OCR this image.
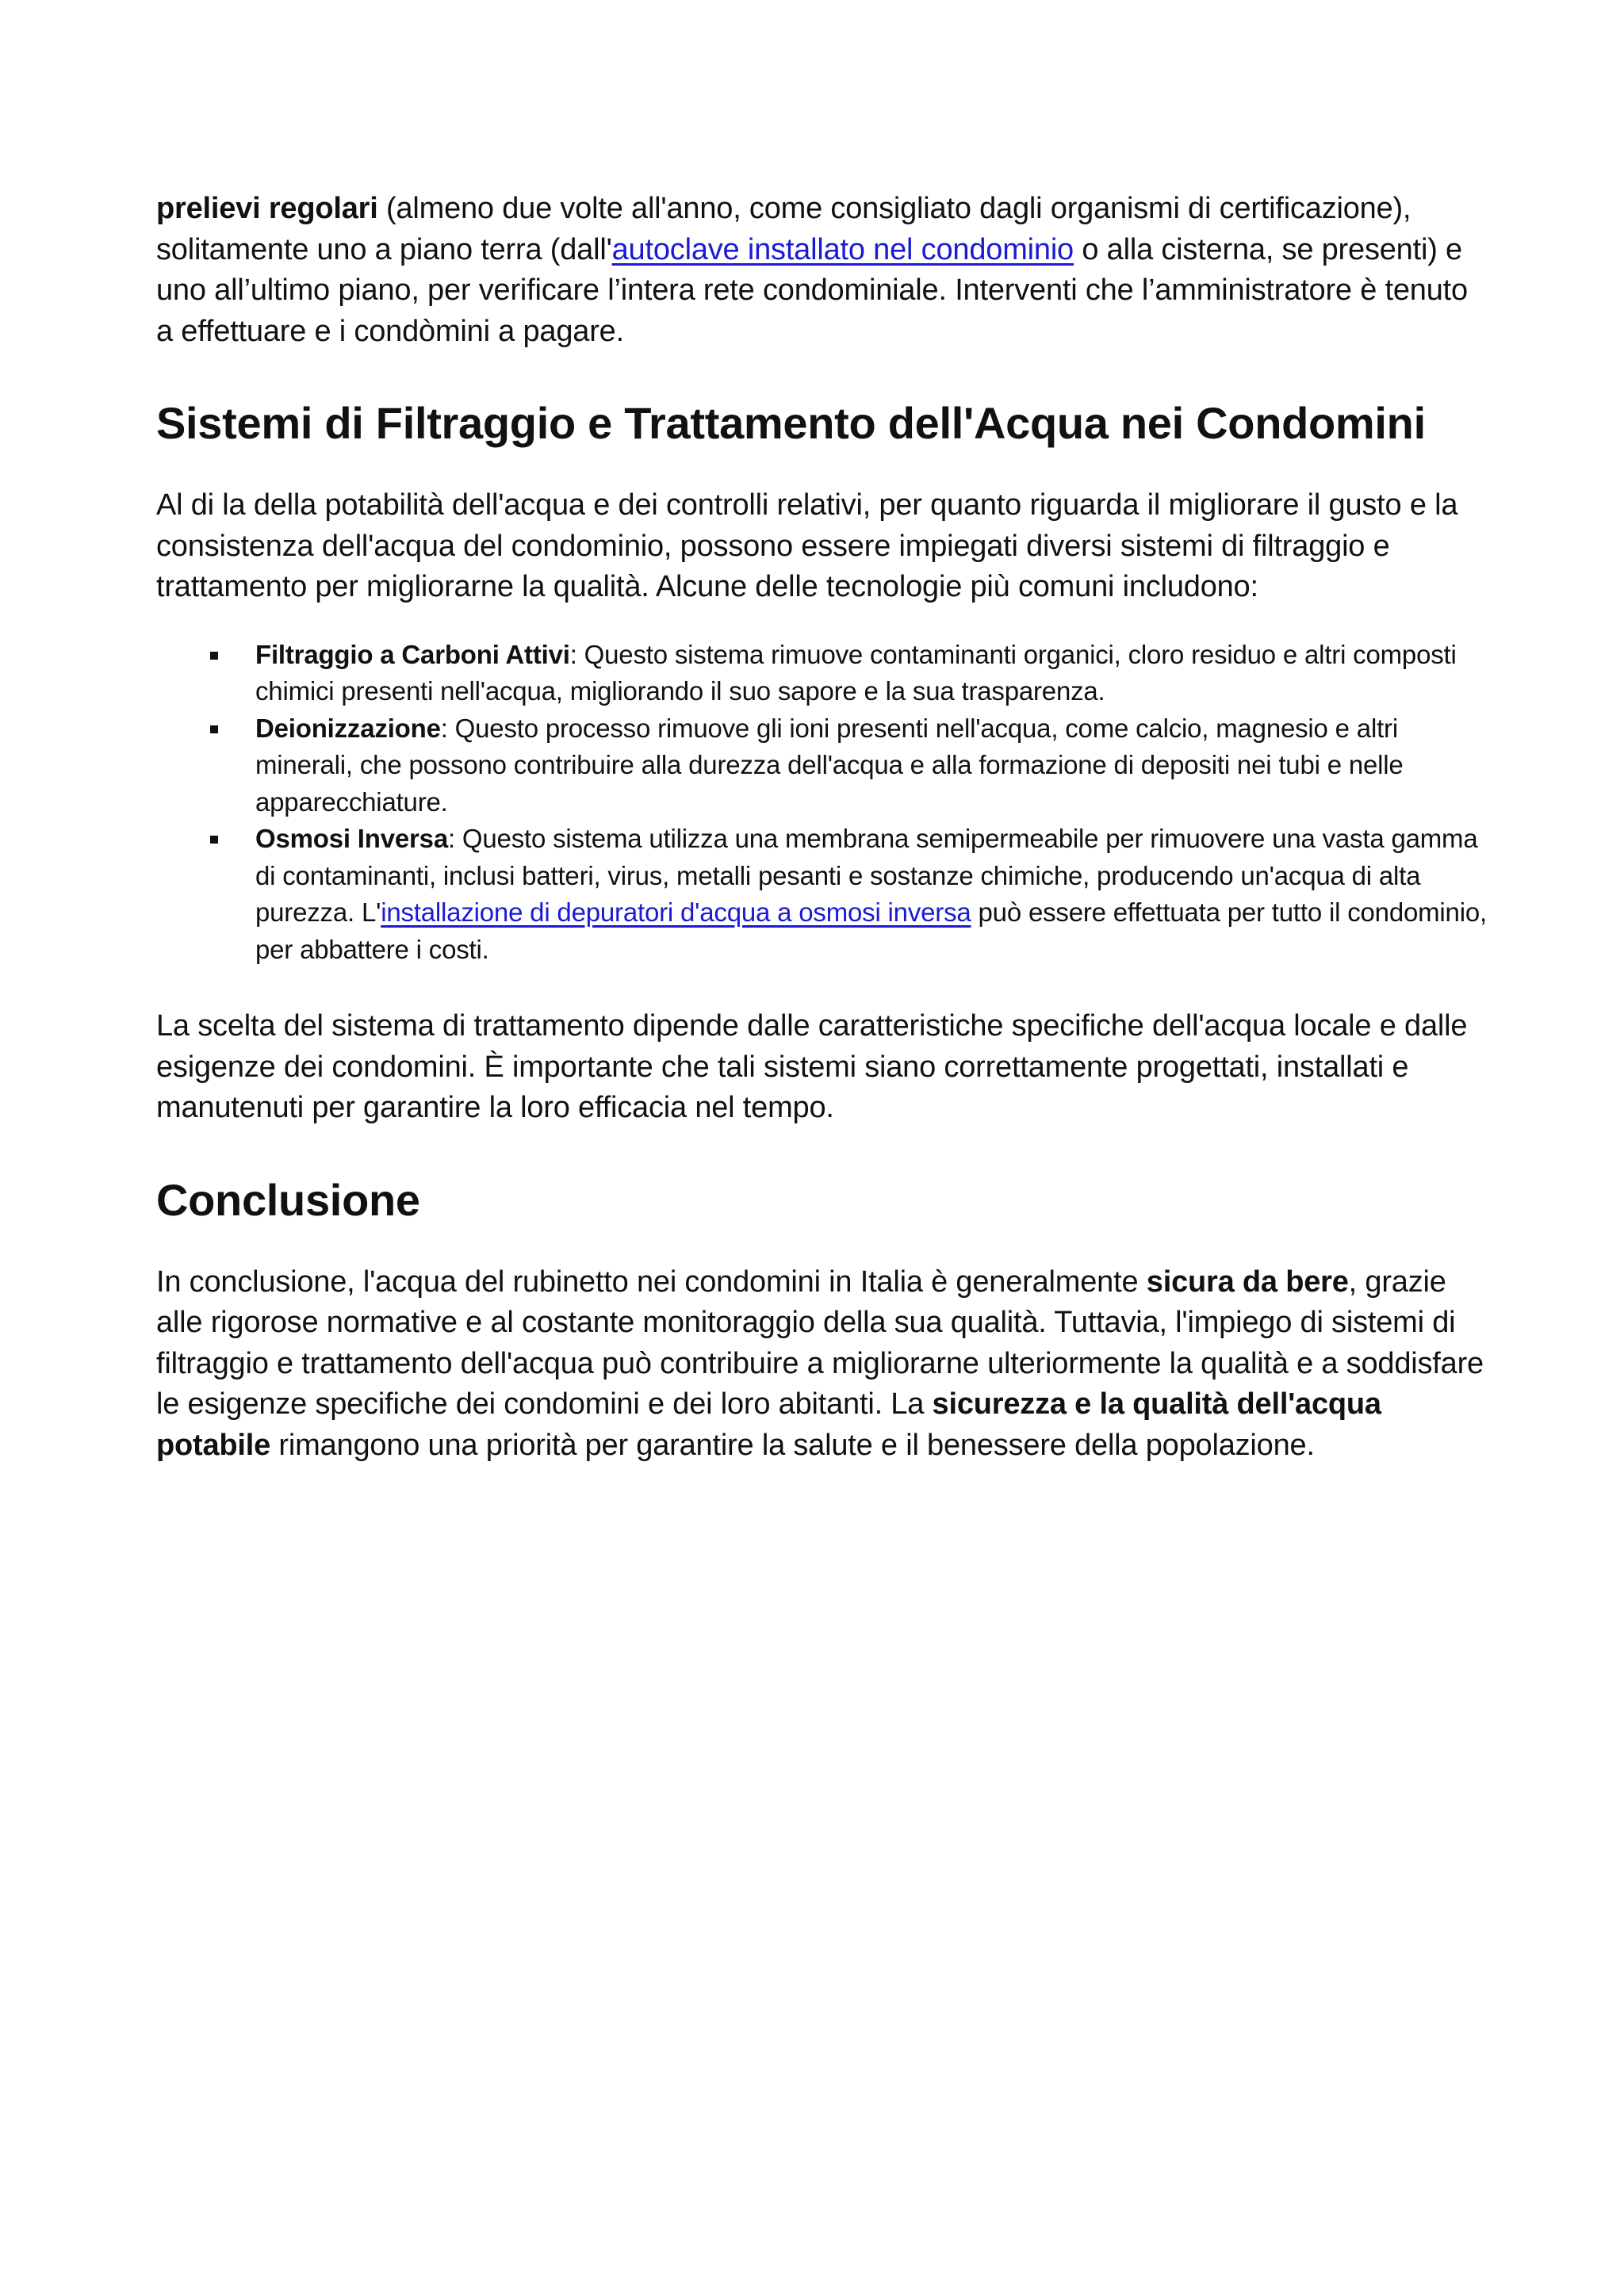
prelievi regolari (almeno due volte all'anno, come consigliato dagli organismi di certificazione), solitamente uno a piano terra (dall'autoclave installato nel condominio o alla cisterna, se presenti) e uno all’ultimo piano, per verificare l’intera rete condominiale. Interventi che l’amministratore è tenuto a effettuare e i condòmini a pagare.

Sistemi di Filtraggio e Trattamento dell'Acqua nei Condomini

Al di la della potabilità dell'acqua e dei controlli relativi, per quanto riguarda il migliorare il gusto e la consistenza dell'acqua del condominio, possono essere impiegati diversi sistemi di filtraggio e trattamento per migliorarne la qualità. Alcune delle tecnologie più comuni includono:

Filtraggio a Carboni Attivi: Questo sistema rimuove contaminanti organici, cloro residuo e altri composti chimici presenti nell'acqua, migliorando il suo sapore e la sua trasparenza.
Deionizzazione: Questo processo rimuove gli ioni presenti nell'acqua, come calcio, magnesio e altri minerali, che possono contribuire alla durezza dell'acqua e alla formazione di depositi nei tubi e nelle apparecchiature.
Osmosi Inversa: Questo sistema utilizza una membrana semipermeabile per rimuovere una vasta gamma di contaminanti, inclusi batteri, virus, metalli pesanti e sostanze chimiche, producendo un'acqua di alta purezza. L'installazione di depuratori d'acqua a osmosi inversa può essere effettuata per tutto il condominio, per abbattere i costi.

La scelta del sistema di trattamento dipende dalle caratteristiche specifiche dell'acqua locale e dalle esigenze dei condomini. È importante che tali sistemi siano correttamente progettati, installati e manutenuti per garantire la loro efficacia nel tempo.

Conclusione

In conclusione, l'acqua del rubinetto nei condomini in Italia è generalmente sicura da bere, grazie alle rigorose normative e al costante monitoraggio della sua qualità. Tuttavia, l'impiego di sistemi di filtraggio e trattamento dell'acqua può contribuire a migliorarne ulteriormente la qualità e a soddisfare le esigenze specifiche dei condomini e dei loro abitanti. La sicurezza e la qualità dell'acqua potabile rimangono una priorità per garantire la salute e il benessere della popolazione.
